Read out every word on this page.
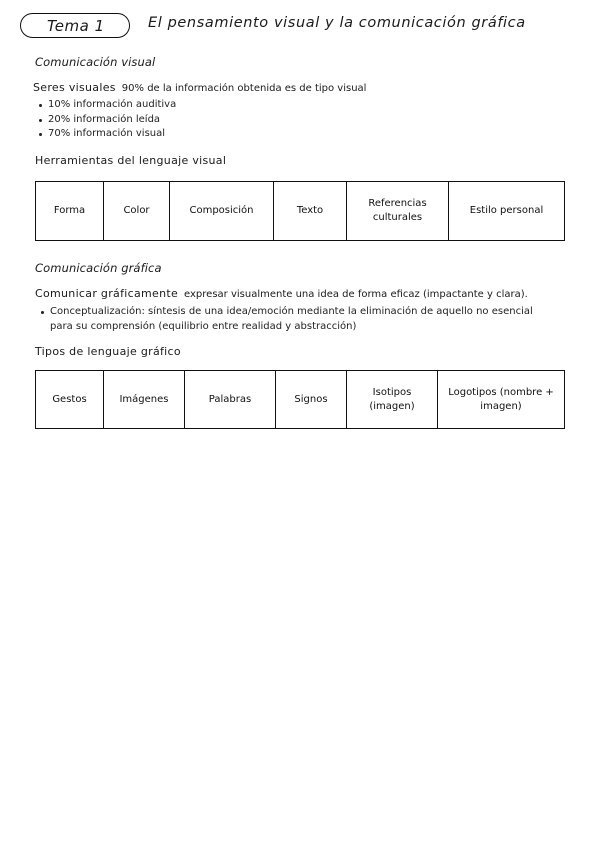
Tema 1	El pensamiento visual y la comunicación gráfica
Comunicación visual
Seres visuales 90% de la información obtenida es de tipo visual
10% información auditiva
20% información leída
70% información visual
Herramientas del lenguaje visual
Forma	Color	Composición	Texto	Referencias culturales	Estilo personal
Comunicación gráfica
Comunicar gráficamente expresar visualmente una idea de forma eficaz (impactante y clara).
Conceptualización: síntesis de una idea/emoción mediante la eliminación de aquello no esencial para su comprensión (equilibrio entre realidad y abstracción)
Tipos de lenguaje gráfico
Gestos	Imágenes	Palabras	Signos	Isotipos (imagen)	Logotipos (nombre + imagen)
